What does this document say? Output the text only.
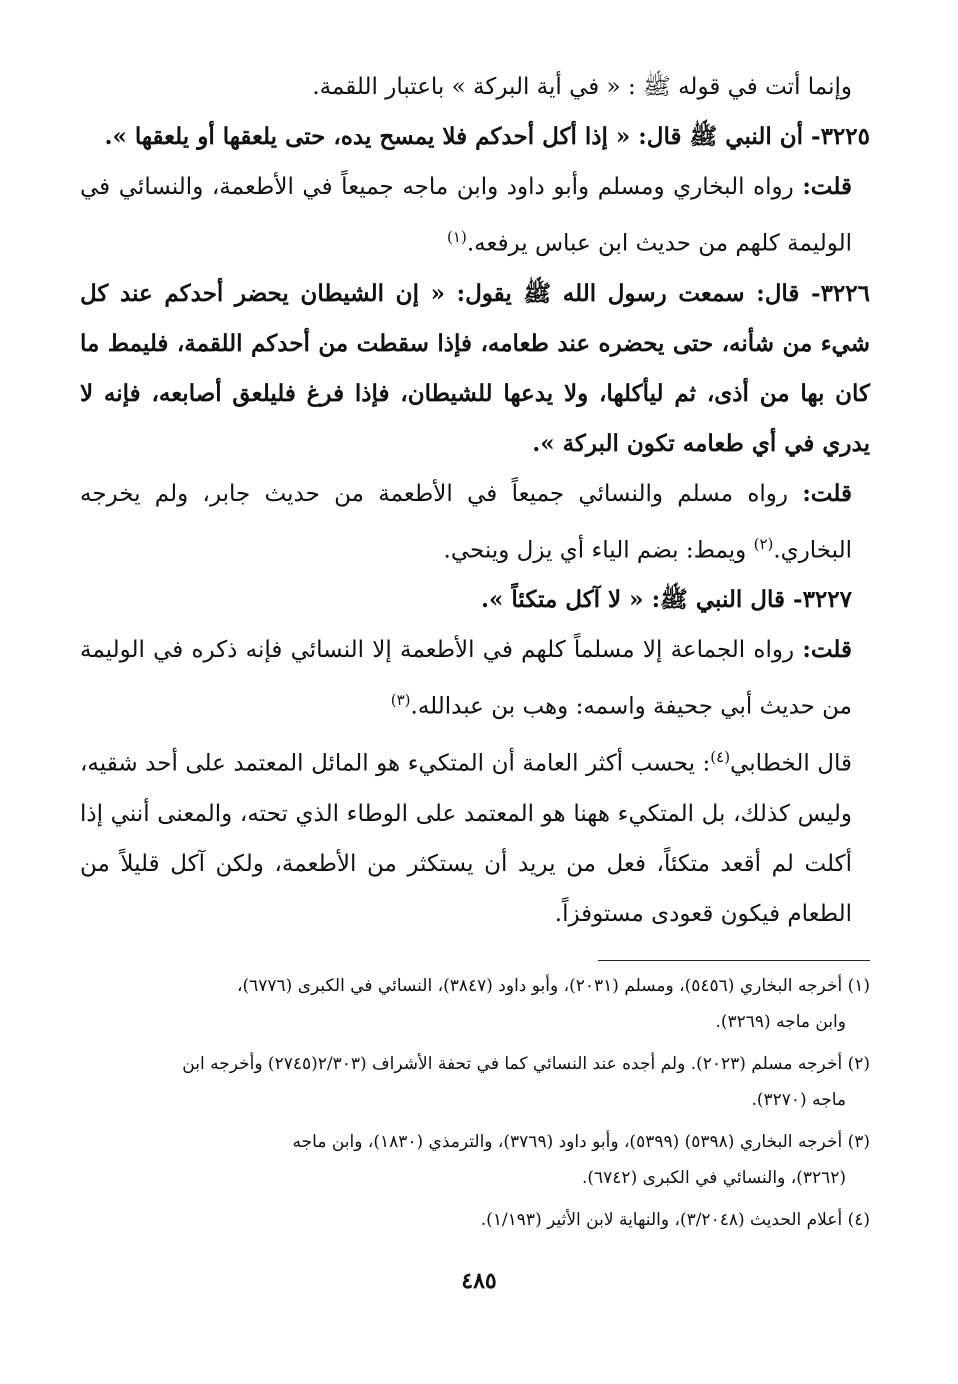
وإنما أتت في قوله ﷺ : « في أية البركة » باعتبار اللقمة.

٣٢٢٥- أن النبي ﷺ قال: « إذا أكل أحدكم فلا يمسح يده، حتى يلعقها أو يلعقها ».

قلت: رواه البخاري ومسلم وأبو داود وابن ماجه جميعاً في الأطعمة، والنسائي في الوليمة كلهم من حديث ابن عباس يرفعه.$^{(١)}$

٣٢٢٦- قال: سمعت رسول الله ﷺ يقول: « إن الشيطان يحضر أحدكم عند كل شيء من شأنه، حتى يحضره عند طعامه، فإذا سقطت من أحدكم اللقمة، فليمط ما كان بها من أذى، ثم ليأكلها، ولا يدعها للشيطان، فإذا فرغ فليلعق أصابعه، فإنه لا يدري في أي طعامه تكون البركة ».

قلت: رواه مسلم والنسائي جميعاً في الأطعمة من حديث جابر، ولم يخرجه البخاري.$^{(٢)}$ ويمط: بضم الياء أي يزل وينحي.

٣٢٢٧- قال النبي ﷺ: « لا آكل متكئاً ».

قلت: رواه الجماعة إلا مسلماً كلهم في الأطعمة إلا النسائي فإنه ذكره في الوليمة من حديث أبي جحيفة واسمه: وهب بن عبدالله.$^{(٣)}$

قال الخطابي$^{(٤)}$: يحسب أكثر العامة أن المتكيء هو المائل المعتمد على أحد شقيه، وليس كذلك، بل المتكيء ههنا هو المعتمد على الوطاء الذي تحته، والمعنى أنني إذا أكلت لم أقعد متكئاً، فعل من يريد أن يستكثر من الأطعمة، ولكن آكل قليلاً من الطعام فيكون قعودى مستوفزاً.

(١) أخرجه البخاري (٥٤٥٦)، ومسلم (٢٠٣١)، وأبو داود (٣٨٤٧)، النسائي في الكبرى (٦٧٧٦)،
وابن ماجه (٣٢٦٩).

(٢) أخرجه مسلم (٢٠٢٣). ولم أجده عند النسائي كما في تحفة الأشراف (٢/٣٠٣(٢٧٤٥) وأخرجه ابن
ماجه (٣٢٧٠).

(٣) أخرجه البخاري (٥٣٩٨) (٥٣٩٩)، وأبو داود (٣٧٦٩)، والترمذي (١٨٣٠)، وابن ماجه
(٣٢٦٢)، والنسائي في الكبرى (٦٧٤٢).

(٤) أعلام الحديث (٣/٢٠٤٨)، والنهاية لابن الأثير (١/١٩٣).

٤٨٥
